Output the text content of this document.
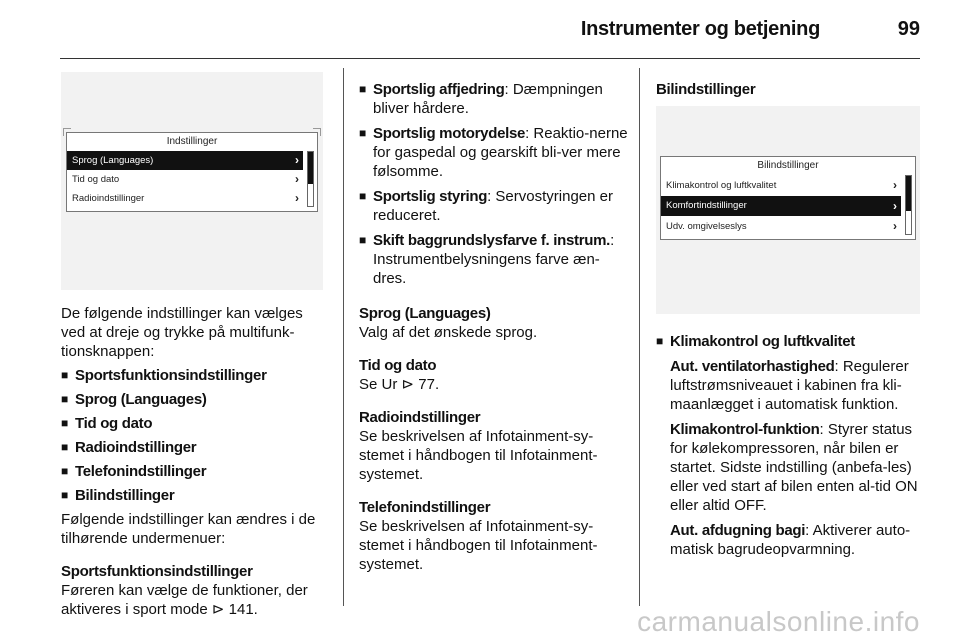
Instrumenter og betjening	99
Indstillinger
Sprog (Languages)	›
Tid og dato	›
Radioindstillinger	›

De følgende indstillinger kan vælges ved at dreje og trykke på multifunk-tionsknappen:

■ Sportsfunktionsindstillinger
■ Sprog (Languages)
■ Tid og dato
■ Radioindstillinger
■ Telefonindstillinger
■ Bilindstillinger

Følgende indstillinger kan ændres i de tilhørende undermenuer:

Sportsfunktionsindstillinger

Føreren kan vælge de funktioner, der aktiveres i sport mode ⊳ 141.

■ Sportslig affjedring: Dæmpningen bliver hårdere.
■ Sportslig motorydelse: Reaktio-nerne for gaspedal og gearskift bli-ver mere følsomme.
■ Sportslig styring: Servostyringen er reduceret.
■ Skift baggrundslysfarve f. instrum.: Instrumentbelysningens farve æn-dres.

Sprog (Languages)

Valg af det ønskede sprog.

Tid og dato

Se Ur ⊳ 77.

Radioindstillinger

Se beskrivelsen af Infotainment-sy-stemet i håndbogen til Infotainment-systemet.

Telefonindstillinger

Se beskrivelsen af Infotainment-sy-stemet i håndbogen til Infotainment-systemet.

Bilindstillinger
Bilindstillinger
Klimakontrol og luftkvalitet	›
Komfortindstillinger	›
Udv. omgivelseslys	›
■ Klimakontrol og luftkvalitet

Aut. ventilatorhastighed: Regulerer luftstrømsniveauet i kabinen fra kli-maanlægget i automatisk funktion.

Klimakontrol-funktion: Styrer status for kølekompressoren, når bilen er startet. Sidste indstilling (anbefa-les) eller ved start af bilen enten al-tid ON eller altid OFF.

Aut. afdugning bagi: Aktiverer auto-matisk bagrudeopvarmning.

carmanualsonline.info
